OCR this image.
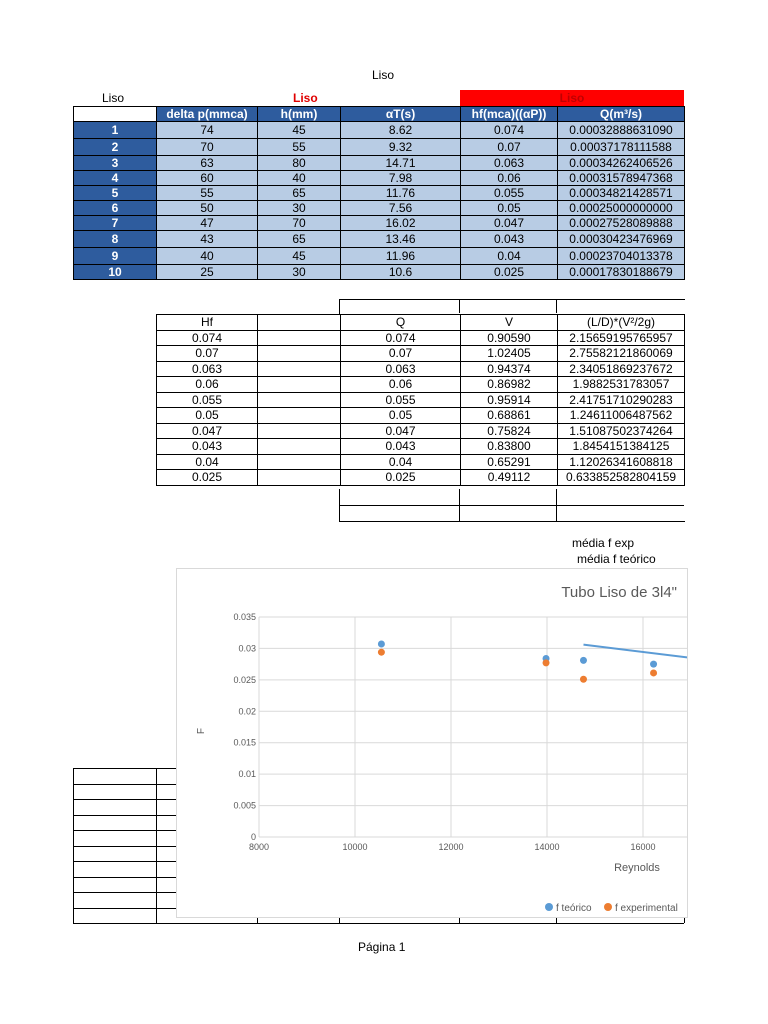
Liso
Liso	Liso	Liso
	delta p(mmca)	h(mm)	αT(s)	hf(mca)((αP))	Q(m³/s)
1	74	45	8.62	0.074	0.00032888631090
2	70	55	9.32	0.07	0.00037178111588
3	63	80	14.71	0.063	0.00034262406526
4	60	40	7.98	0.06	0.00031578947368
5	55	65	11.76	0.055	0.00034821428571
6	50	30	7.56	0.05	0.00025000000000
7	47	70	16.02	0.047	0.00027528089888
8	43	65	13.46	0.043	0.00030423476969
9	40	45	11.96	0.04	0.00023704013378
10	25	30	10.6	0.025	0.00017830188679
Hf		Q	V	(L/D)*(V²/2g)
0.074		0.074	0.90590	2.15659195765957
0.07		0.07	1.02405	2.75582121860069
0.063		0.063	0.94374	2.34051869237672
0.06		0.06	0.86982	1.9882531783057
0.055		0.055	0.95914	2.41751710290283
0.05		0.05	0.68861	1.24611006487562
0.047		0.047	0.75824	1.51087502374264
0.043		0.043	0.83800	1.8454151384125
0.04		0.04	0.65291	1.12026341608818
0.025		0.025	0.49112	0.633852582804159
média f exp
média f teórico
Tubo Liso de 3l4"
0
0.005
0.01
0.015
0.02
0.025
0.03
0.035
8000	10000	12000	14000	16000
F
Reynolds
f teórico f experimental
Página 1
